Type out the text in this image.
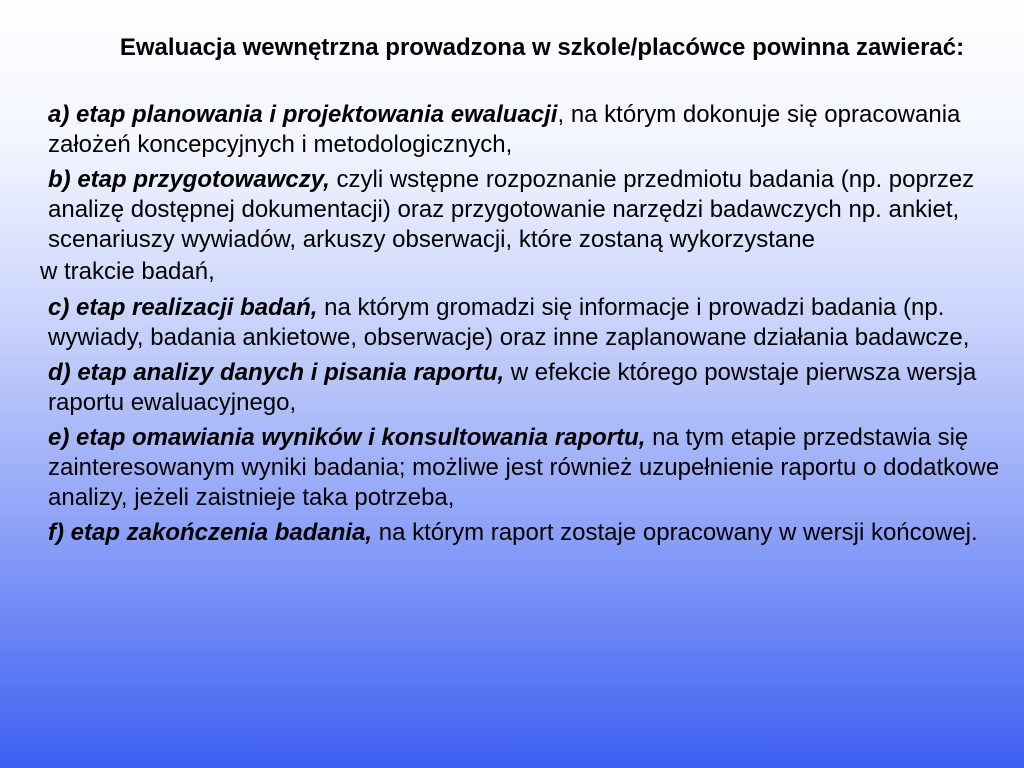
Ewaluacja wewnętrzna prowadzona w szkole/placówce powinna zawierać:
a) etap planowania i projektowania ewaluacji, na którym dokonuje się opracowania założeń koncepcyjnych i metodologicznych,
b) etap przygotowawczy, czyli wstępne rozpoznanie przedmiotu badania (np. poprzez analizę dostępnej dokumentacji) oraz przygotowanie narzędzi badawczych np. ankiet, scenariuszy wywiadów, arkuszy obserwacji, które zostaną wykorzystane
w trakcie badań,
c) etap realizacji badań, na którym gromadzi się informacje i prowadzi badania (np. wywiady, badania ankietowe, obserwacje) oraz inne zaplanowane działania badawcze,
d) etap analizy danych i pisania raportu, w efekcie którego powstaje pierwsza wersja raportu ewaluacyjnego,
e) etap omawiania wyników i konsultowania raportu, na tym etapie przedstawia się zainteresowanym wyniki badania; możliwe jest również uzupełnienie raportu o dodatkowe analizy, jeżeli zaistnieje taka potrzeba,
f) etap zakończenia badania, na którym raport zostaje opracowany w wersji końcowej.
